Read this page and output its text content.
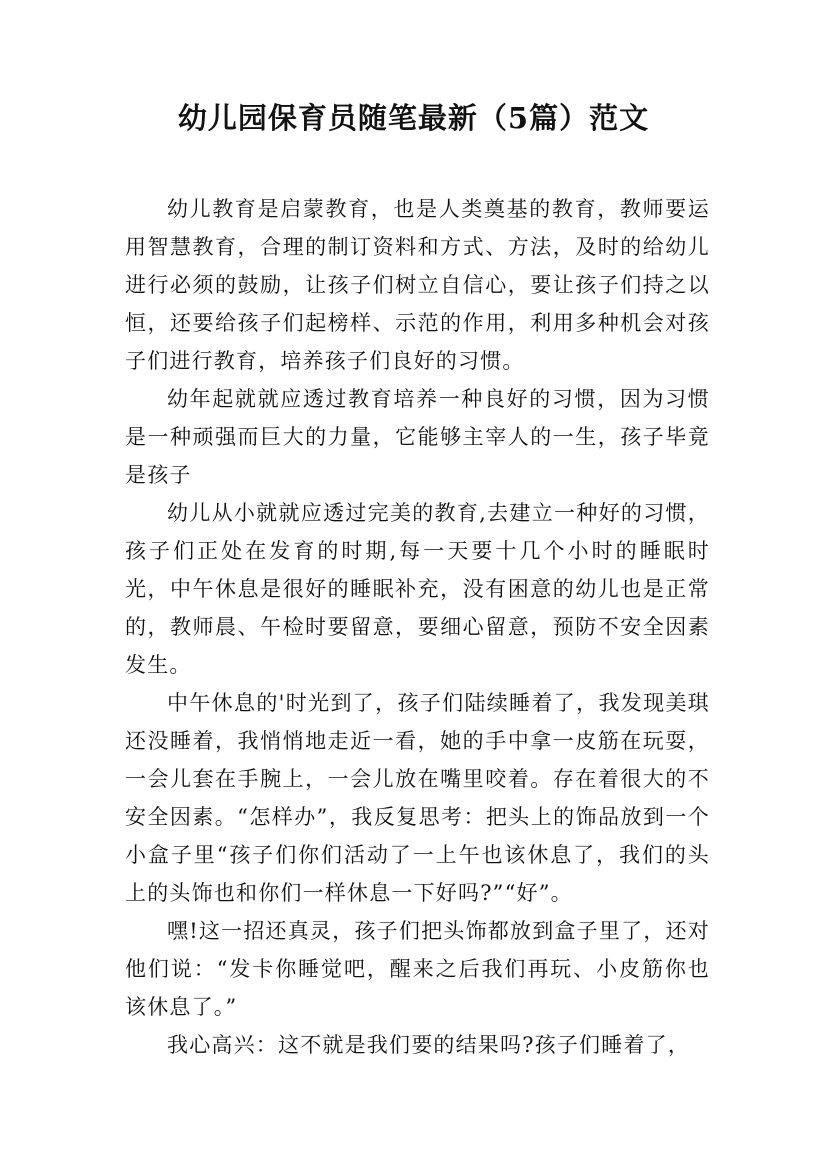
幼儿园保育员随笔最新（5篇）范文

幼儿教育是启蒙教育，也是人类奠基的教育，教师要运用智慧教育，合理的制订资料和方式、方法，及时的给幼儿进行必须的鼓励，让孩子们树立自信心，要让孩子们持之以恒，还要给孩子们起榜样、示范的作用，利用多种机会对孩子们进行教育，培养孩子们良好的习惯。

幼年起就就应透过教育培养一种良好的习惯，因为习惯是一种顽强而巨大的力量，它能够主宰人的一生，孩子毕竟是孩子

幼儿从小就就应透过完美的教育,去建立一种好的习惯，孩子们正处在发育的时期,每一天要十几个小时的睡眠时光，中午休息是很好的睡眠补充，没有困意的幼儿也是正常的，教师晨、午检时要留意，要细心留意，预防不安全因素发生。

中午休息的'时光到了，孩子们陆续睡着了，我发现美琪还没睡着，我悄悄地走近一看，她的手中拿一皮筋在玩耍，一会儿套在手腕上，一会儿放在嘴里咬着。存在着很大的不安全因素。“怎样办”，我反复思考：把头上的饰品放到一个小盒子里“孩子们你们活动了一上午也该休息了，我们的头上的头饰也和你们一样休息一下好吗?”“好”。

嘿!这一招还真灵，孩子们把头饰都放到盒子里了，还对他们说：“发卡你睡觉吧，醒来之后我们再玩、小皮筋你也该休息了。”

我心高兴：这不就是我们要的结果吗?孩子们睡着了，
